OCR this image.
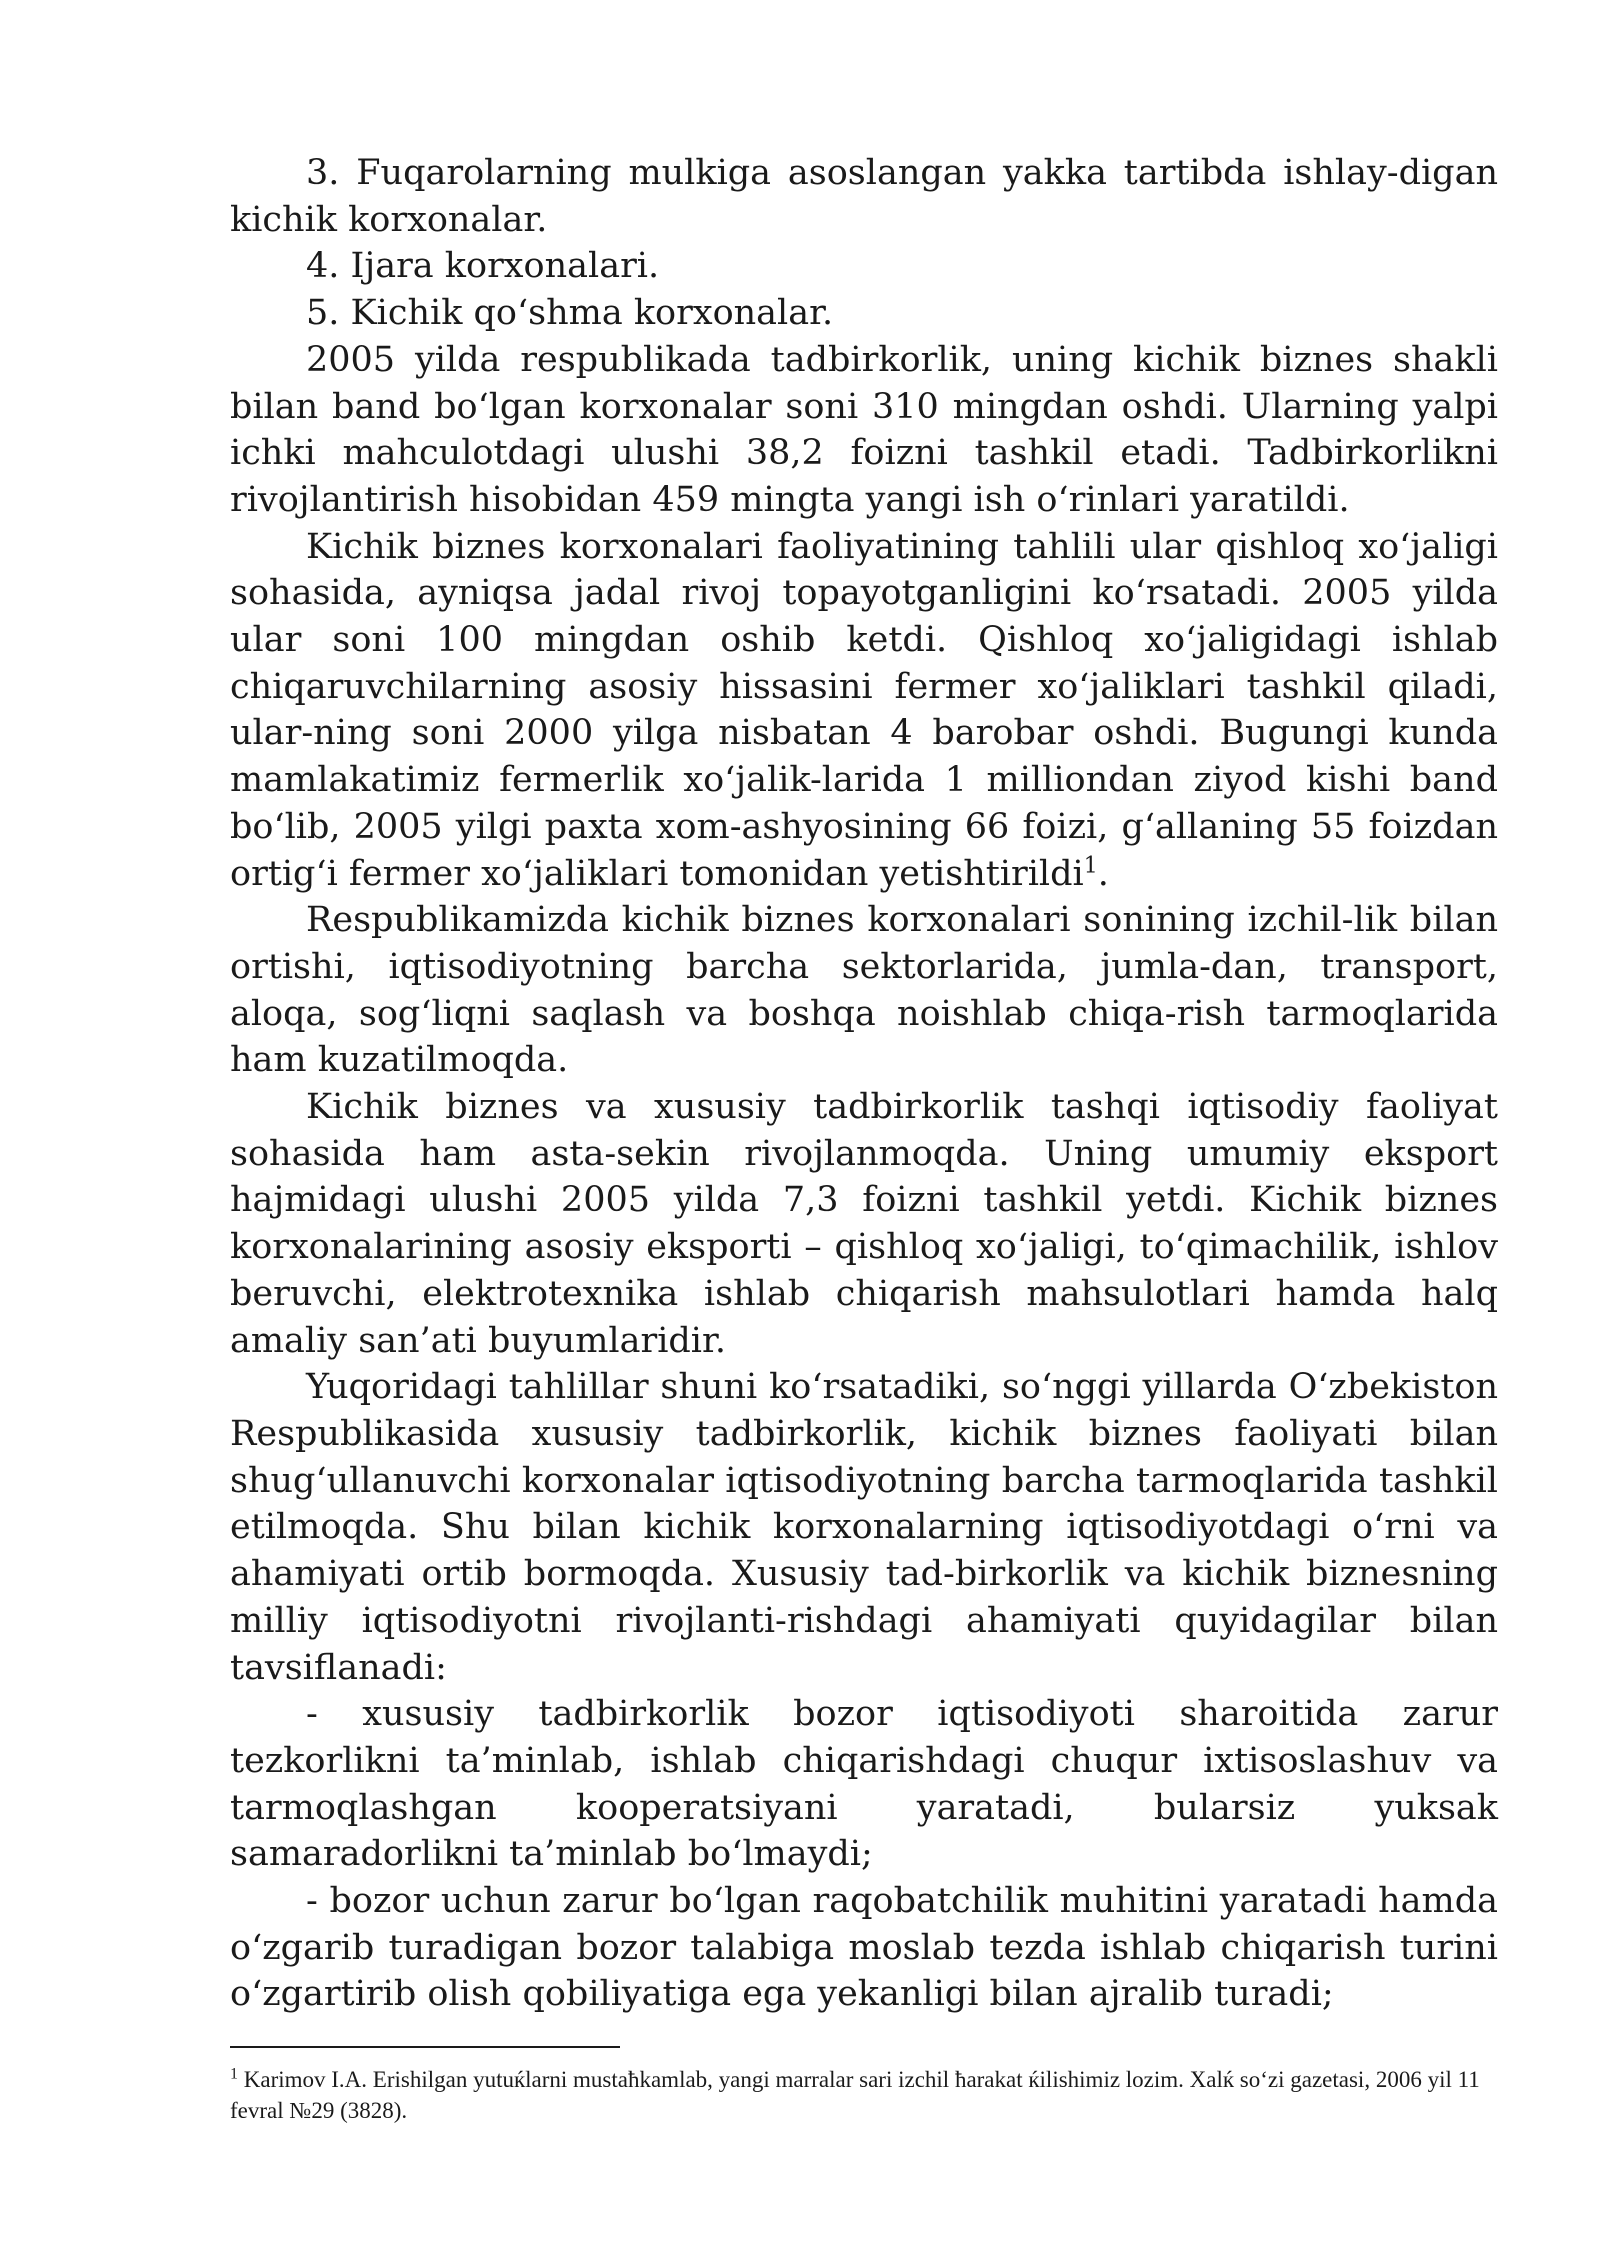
3. Fuqarolarning mulkiga asoslangan yakka tartibda ishlay-digan kichik korxonalar.

4. Ijara korxonalari.

5. Kichik qo‘shma korxonalar.

2005 yilda respublikada tadbirkorlik, uning kichik biznes shakli bilan band bo‘lgan korxonalar soni 310 mingdan oshdi. Ularning yalpi ichki mahculotdagi ulushi 38,2 foizni tashkil etadi. Tadbirkorlikni rivojlantirish hisobidan 459 mingta yangi ish o‘rinlari yaratildi.

Kichik biznes korxonalari faoliyatining tahlili ular qishloq xo‘jaligi sohasida, ayniqsa jadal rivoj topayotganligini ko‘rsatadi. 2005 yilda ular soni 100 mingdan oshib ketdi. Qishloq xo‘jaligidagi ishlab chiqaruvchilarning asosiy hissasini fermer xo‘jaliklari tashkil qiladi, ular-ning soni 2000 yilga nisbatan 4 barobar oshdi. Bugungi kunda mamlakatimiz fermerlik xo‘jalik-larida 1 milliondan ziyod kishi band bo‘lib, 2005 yilgi paxta xom-ashyosining 66 foizi, g‘allaning 55 foizdan ortig‘i fermer xo‘jaliklari tomonidan yetishtirildi$^1$.

Respublikamizda kichik biznes korxonalari sonining izchil-lik bilan ortishi, iqtisodiyotning barcha sektorlarida, jumla-dan, transport, aloqa, sog‘liqni saqlash va boshqa noishlab chiqa-rish tarmoqlarida ham kuzatilmoqda.

Kichik biznes va xususiy tadbirkorlik tashqi iqtisodiy faoliyat sohasida ham asta-sekin rivojlanmoqda. Uning umumiy eksport hajmidagi ulushi 2005 yilda 7,3 foizni tashkil yetdi. Kichik biznes korxonalarining asosiy eksporti – qishloq xo‘jaligi, to‘qimachilik, ishlov beruvchi, elektrotexnika ishlab chiqarish mahsulotlari hamda halq amaliy san’ati buyumlaridir.

Yuqoridagi tahlillar shuni ko‘rsatadiki, so‘nggi yillarda O‘zbekiston Respublikasida xususiy tadbirkorlik, kichik biznes faoliyati bilan shug‘ullanuvchi korxonalar iqtisodiyotning barcha tarmoqlarida tashkil etilmoqda. Shu bilan kichik korxonalarning iqtisodiyotdagi o‘rni va ahamiyati ortib bormoqda. Xususiy tad-birkorlik va kichik biznesning milliy iqtisodiyotni rivojlanti-rishdagi ahamiyati quyidagilar bilan tavsiflanadi:

- xususiy tadbirkorlik bozor iqtisodiyoti sharoitida zarur tezkorlikni ta’minlab, ishlab chiqarishdagi chuqur ixtisoslashuv va tarmoqlashgan kooperatsiyani yaratadi, bularsiz yuksak samaradorlikni ta’minlab bo‘lmaydi;

- bozor uchun zarur bo‘lgan raqobatchilik muhitini yaratadi hamda o‘zgarib turadigan bozor talabiga moslab tezda ishlab chiqarish turini o‘zgartirib olish qobiliyatiga ega yekanligi bilan ajralib turadi;

$^1$ Karimov I.A. Erishilgan yutuќlarni mustaћkamlab, yangi marralar sari izchil ћarakat ќilishimiz lozim. Xalќ so‘zi gazetasi, 2006 yil 11 fevral №29 (3828).
